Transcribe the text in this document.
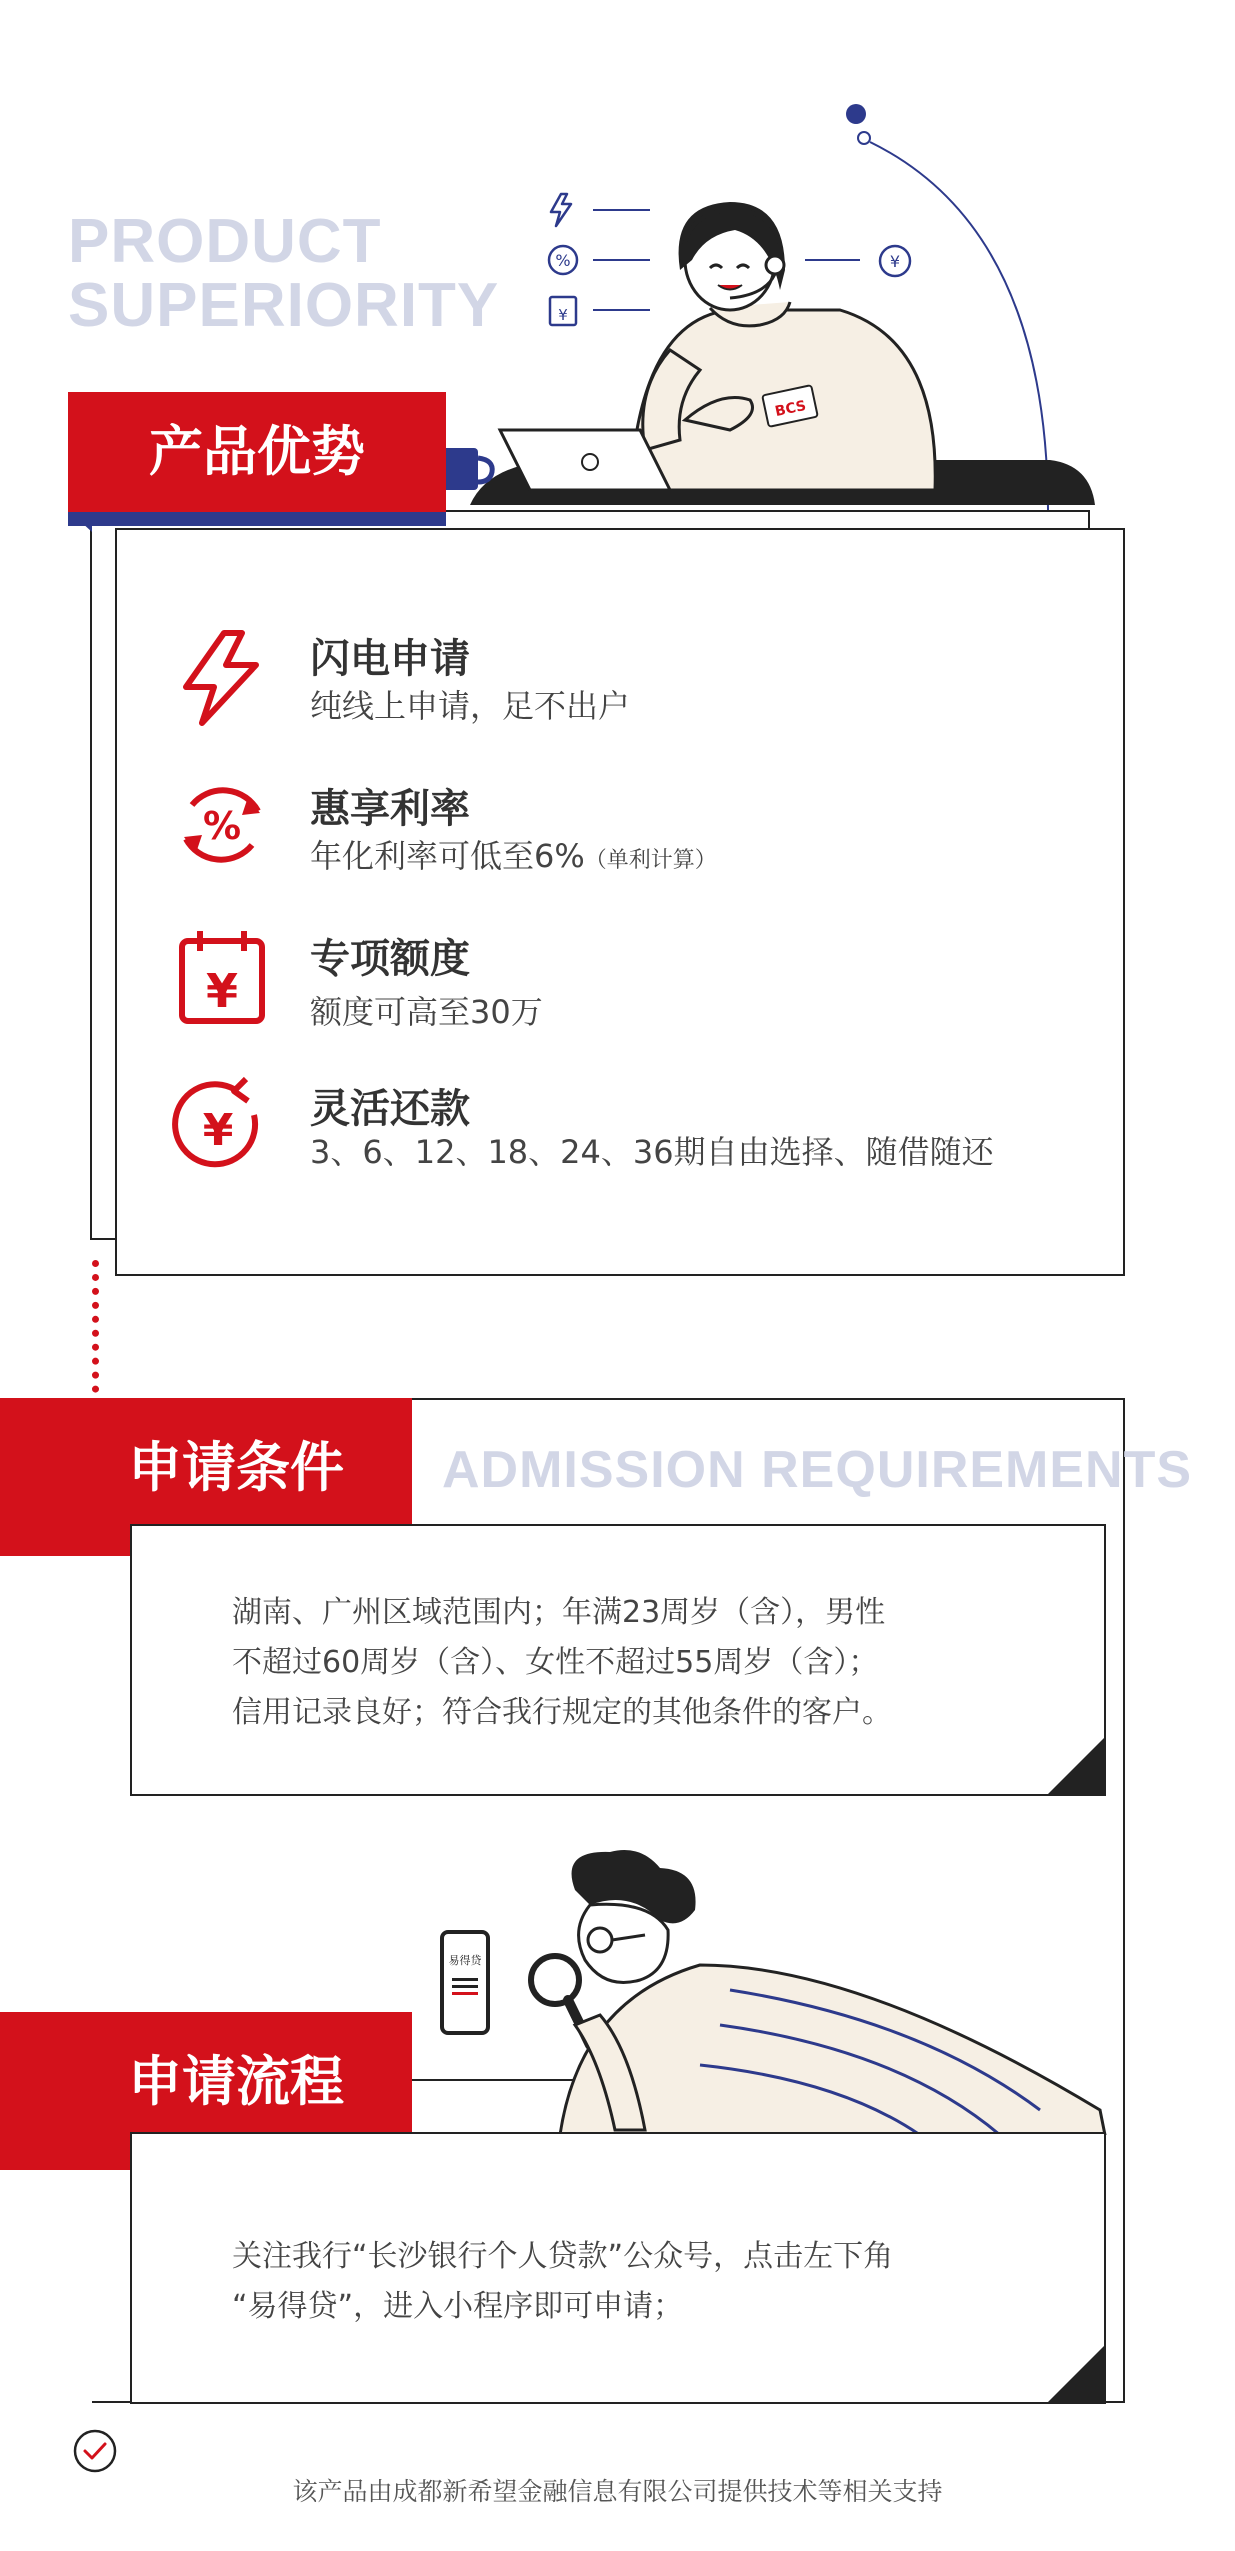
PRODUCT
SUPERIORITY
%
¥
¥
BCS
产品优势
闪电申请
纯线上申请，足不出户
% 惠享利率
年化利率可低至6%（单利计算）
¥
专项额度
额度可高至30万
¥ 灵活还款
3、6、12、18、24、36期自由选择、随借随还
申请条件	ADMISSION REQUIREMENTS
湖南、广州区域范围内；年满23周岁（含），男性
不超过60周岁（含）、女性不超过55周岁（含）；
信用记录良好；符合我行规定的其他条件的客户。
易得贷
申请流程
关注我行“长沙银行个人贷款”公众号，点击左下角
“易得贷”，进入小程序即可申请；
该产品由成都新希望金融信息有限公司提供技术等相关支持
